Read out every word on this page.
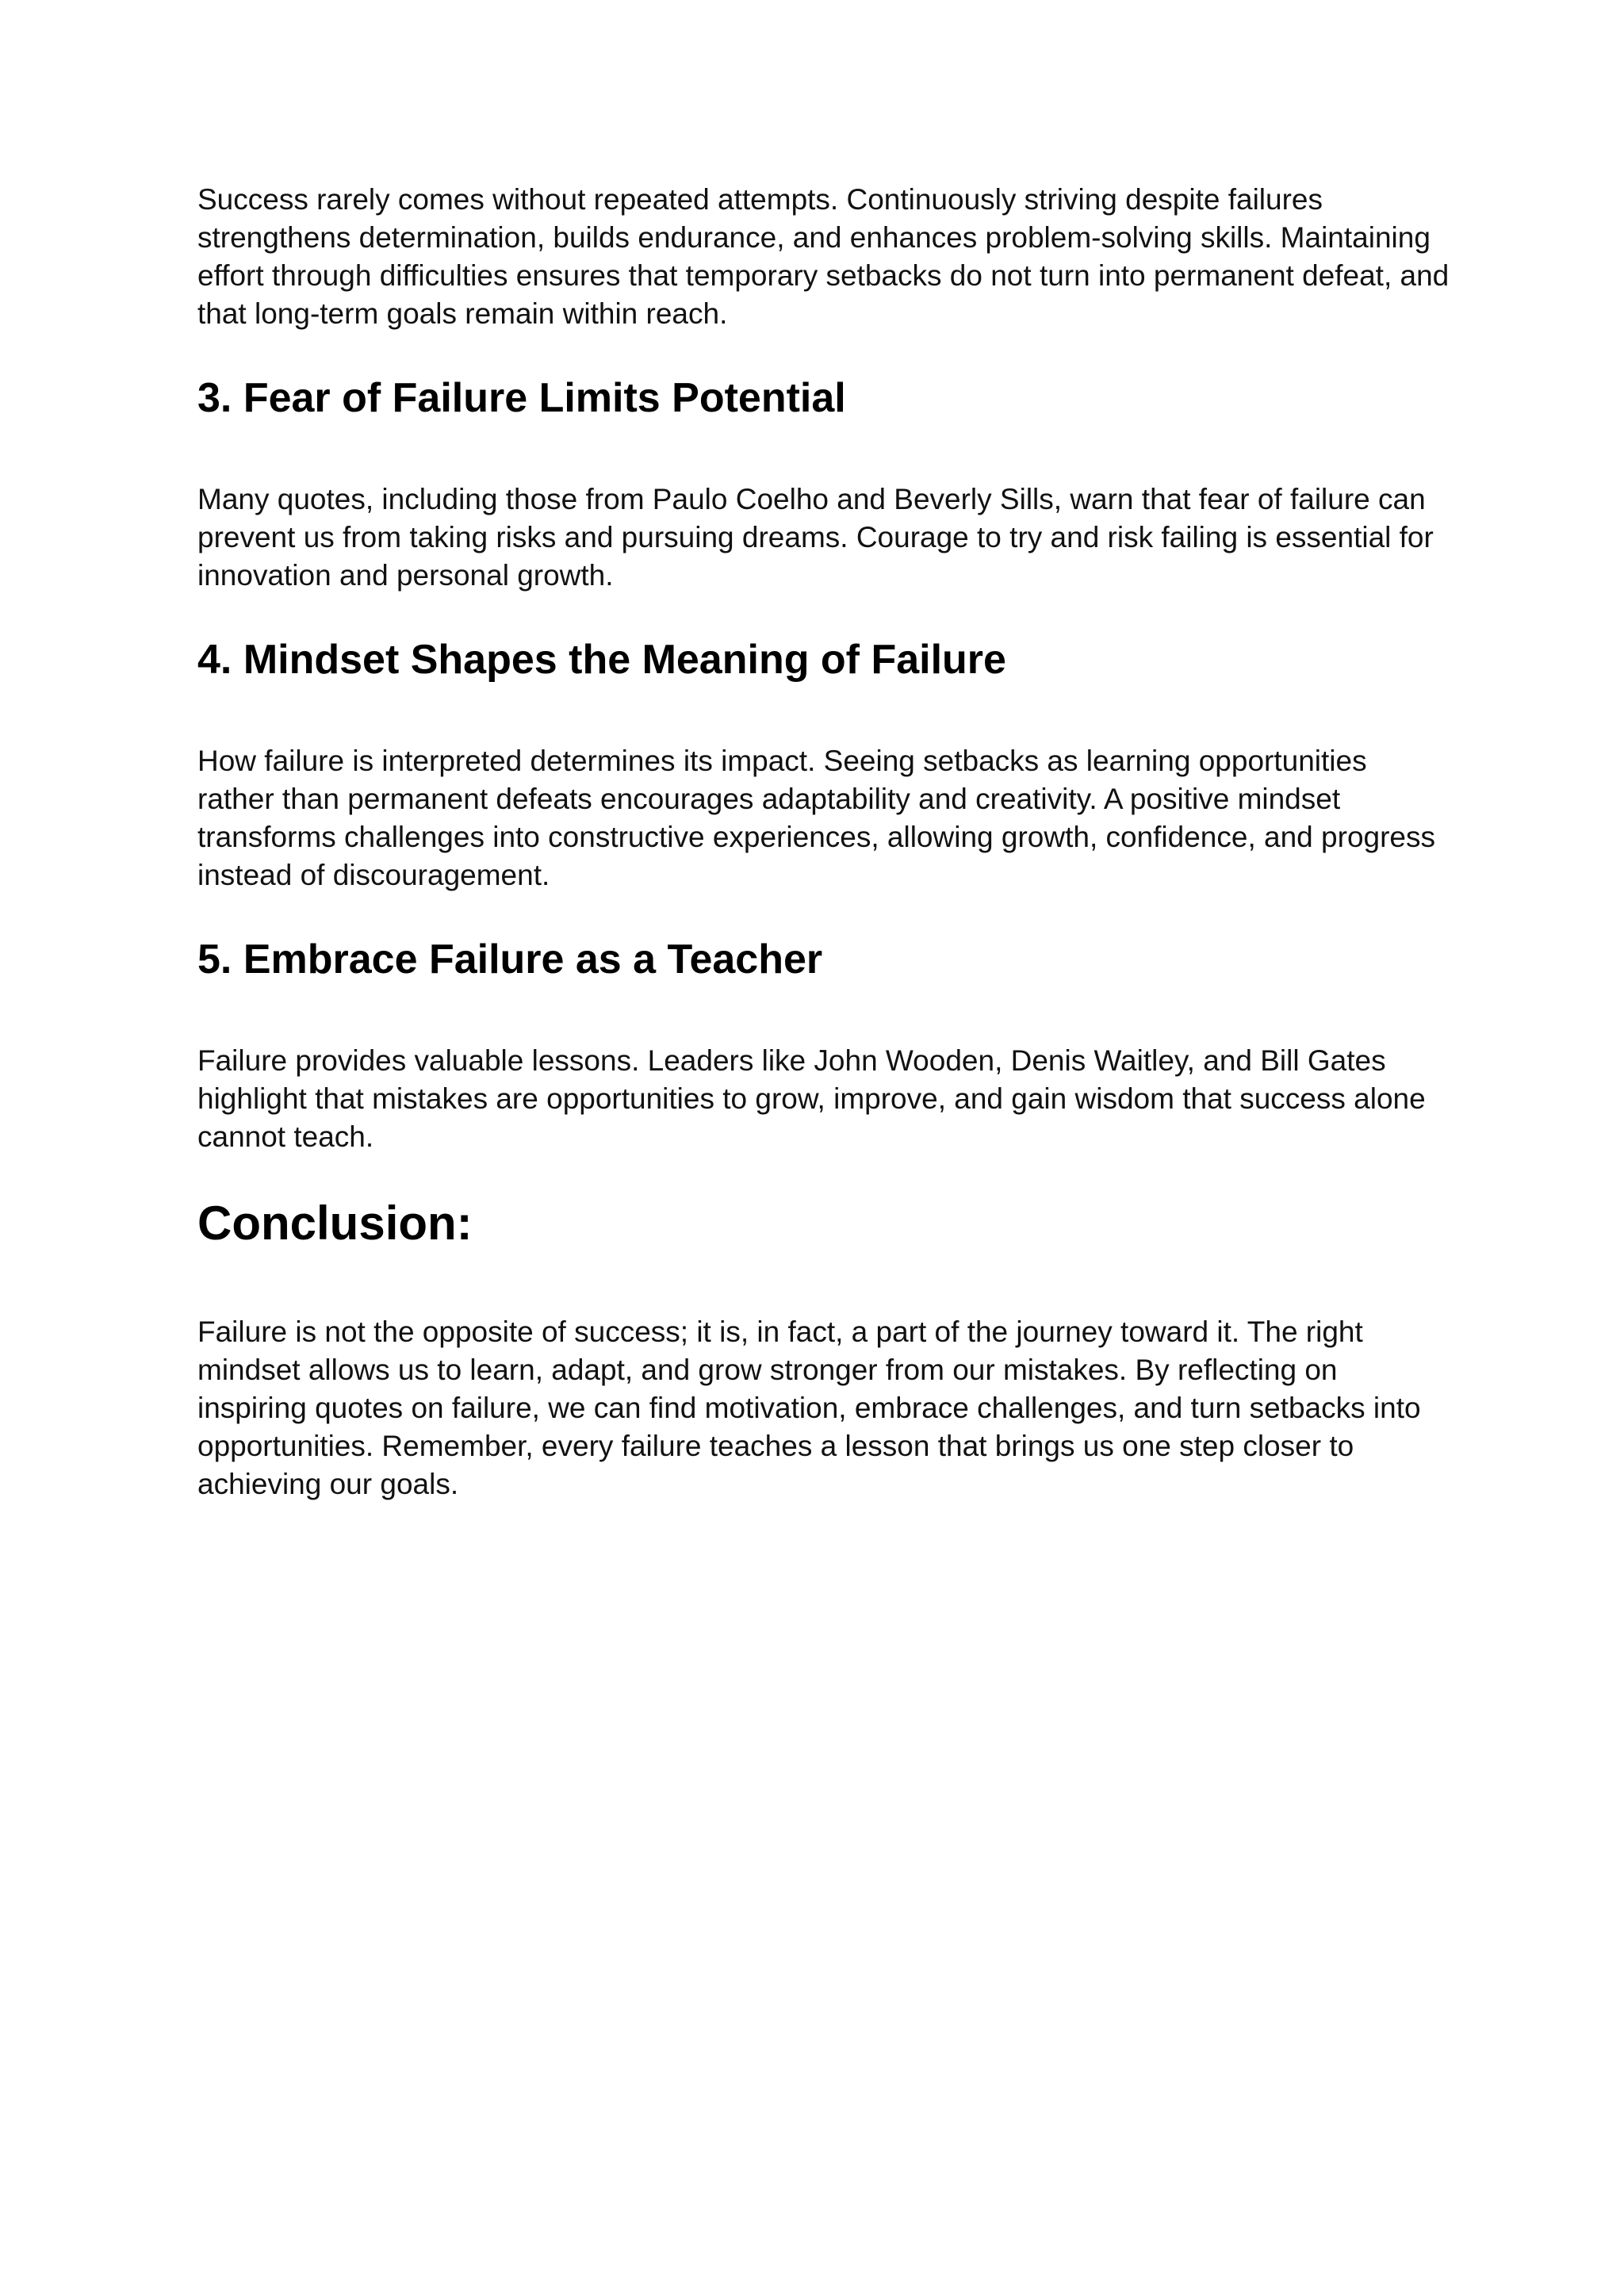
Success rarely comes without repeated attempts. Continuously striving despite failures strengthens determination, builds endurance, and enhances problem-solving skills. Maintaining effort through difficulties ensures that temporary setbacks do not turn into permanent defeat, and that long-term goals remain within reach.

3. Fear of Failure Limits Potential

Many quotes, including those from Paulo Coelho and Beverly Sills, warn that fear of failure can prevent us from taking risks and pursuing dreams. Courage to try and risk failing is essential for innovation and personal growth.

4. Mindset Shapes the Meaning of Failure

How failure is interpreted determines its impact. Seeing setbacks as learning opportunities rather than permanent defeats encourages adaptability and creativity. A positive mindset transforms challenges into constructive experiences, allowing growth, confidence, and progress instead of discouragement.

5. Embrace Failure as a Teacher

Failure provides valuable lessons. Leaders like John Wooden, Denis Waitley, and Bill Gates highlight that mistakes are opportunities to grow, improve, and gain wisdom that success alone cannot teach.

Conclusion:

Failure is not the opposite of success; it is, in fact, a part of the journey toward it. The right mindset allows us to learn, adapt, and grow stronger from our mistakes. By reflecting on inspiring quotes on failure, we can find motivation, embrace challenges, and turn setbacks into opportunities. Remember, every failure teaches a lesson that brings us one step closer to achieving our goals.
